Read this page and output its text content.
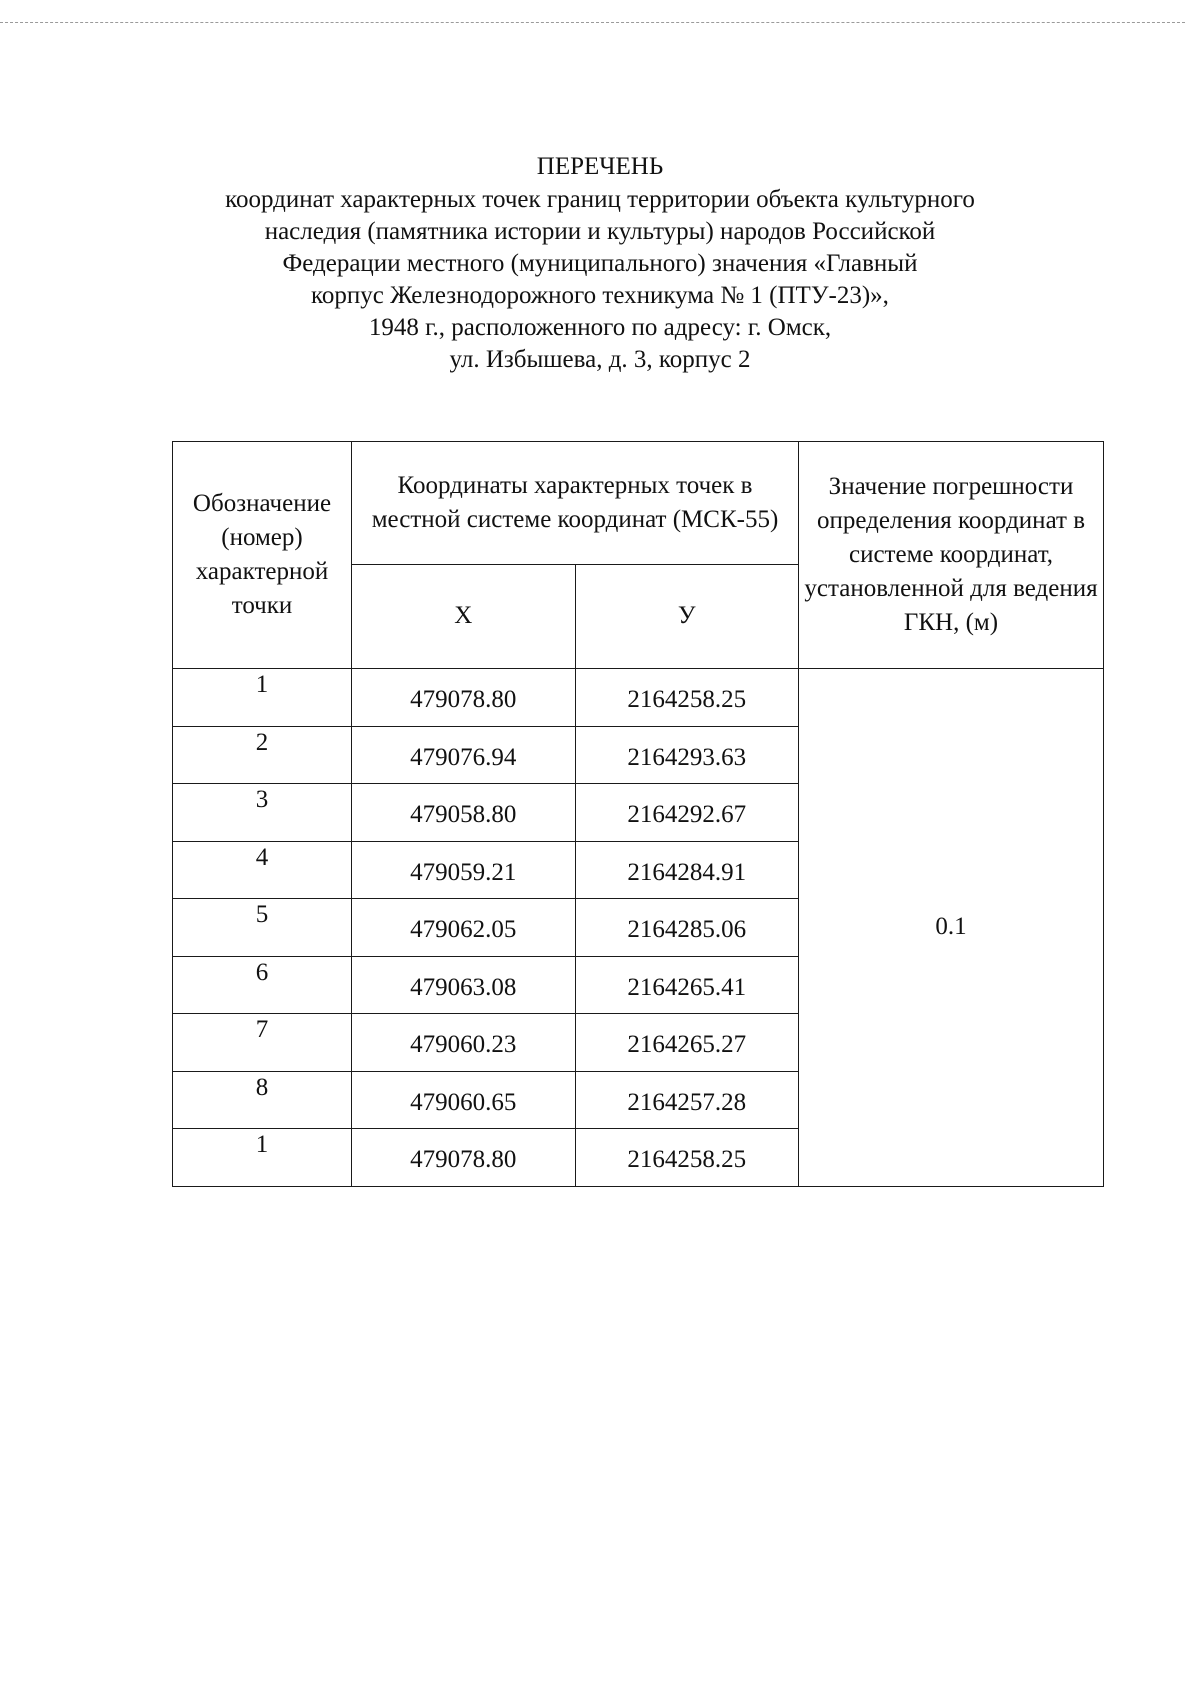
ПЕРЕЧЕНЬ

координат характерных точек границ территории объекта культурного
наследия (памятника истории и культуры) народов Российской
Федерации местного (муниципального) значения «Главный
корпус Железнодорожного техникума № 1 (ПТУ-23)»,
1948 г., расположенного по адресу: г. Омск,
ул. Избышева, д. 3, корпус 2

Обозначение (номер) характерной точки	Координаты характерных точек в местной системе координат (МСК-55)		Значение погрешности определения координат в системе координат, установленной для ведения ГКН, (м)
	Х	У	
1	479078.80	2164258.25	0.1
2	479076.94	2164293.63	
3	479058.80	2164292.67	
4	479059.21	2164284.91	
5	479062.05	2164285.06	
6	479063.08	2164265.41	
7	479060.23	2164265.27	
8	479060.65	2164257.28	
1	479078.80	2164258.25	
